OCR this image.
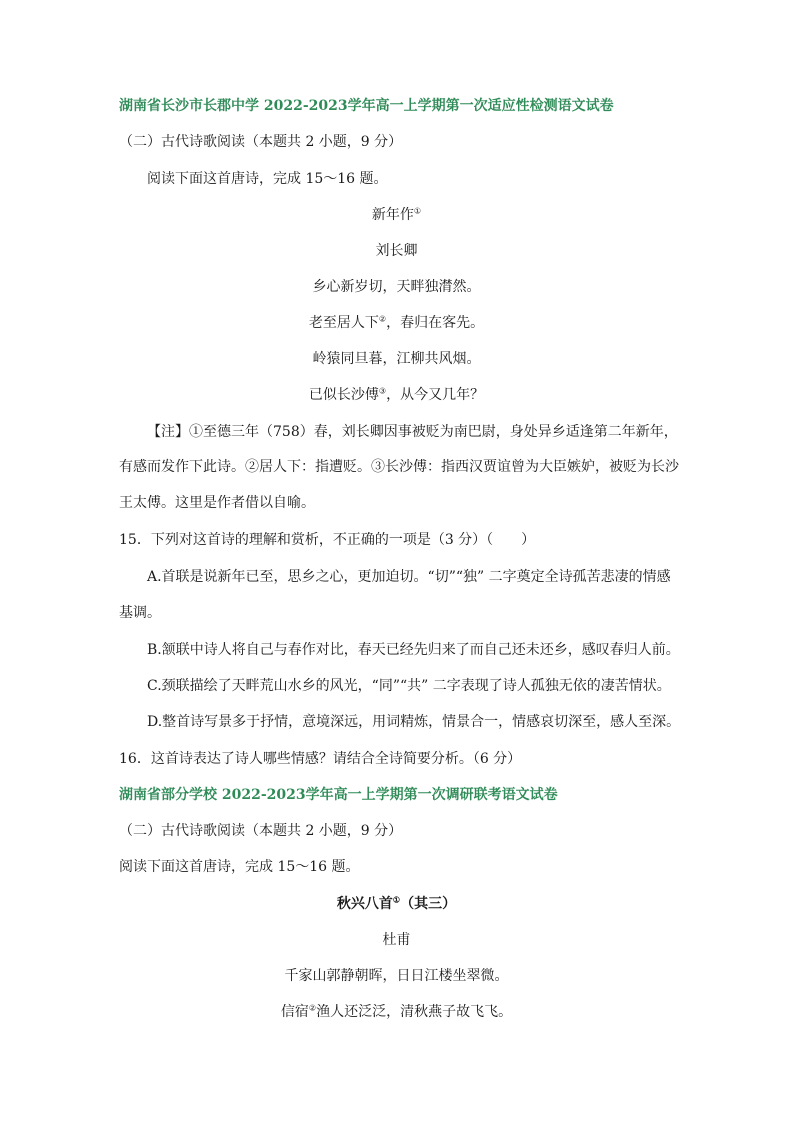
湖南省长沙市长郡中学 2022-2023学年高一上学期第一次适应性检测语文试卷
（二）古代诗歌阅读（本题共 2 小题，9 分）
阅读下面这首唐诗，完成 15～16 题。
新年作①
刘长卿
乡心新岁切，天畔独潸然。
老至居人下②，春归在客先。
岭猿同旦暮，江柳共风烟。
已似长沙傅③，从今又几年？
【注】①至德三年（758）春，刘长卿因事被贬为南巴尉，身处异乡适逢第二年新年，
有感而发作下此诗。②居人下：指遭贬。③长沙傅：指西汉贾谊曾为大臣嫉妒，被贬为长沙
王太傅。这里是作者借以自喻。
15．下列对这首诗的理解和赏析，不正确的一项是（3 分）（　　）
A.首联是说新年已至，思乡之心，更加迫切。“切”“独” 二字奠定全诗孤苦悲凄的情感
基调。
B.颔联中诗人将自己与春作对比，春天已经先归来了而自己还未还乡，感叹春归人前。
C.颈联描绘了天畔荒山水乡的风光，“同”“共” 二字表现了诗人孤独无依的凄苦情状。
D.整首诗写景多于抒情，意境深远，用词精炼，情景合一，情感哀切深至，感人至深。
16．这首诗表达了诗人哪些情感？请结合全诗简要分析。（6 分）
湖南省部分学校 2022-2023学年高一上学期第一次调研联考语文试卷
（二）古代诗歌阅读（本题共 2 小题，9 分）
阅读下面这首唐诗，完成 15～16 题。
秋兴八首①（其三）
杜甫
千家山郭静朝晖，日日江楼坐翠微。
信宿②渔人还泛泛，清秋燕子故飞飞。
